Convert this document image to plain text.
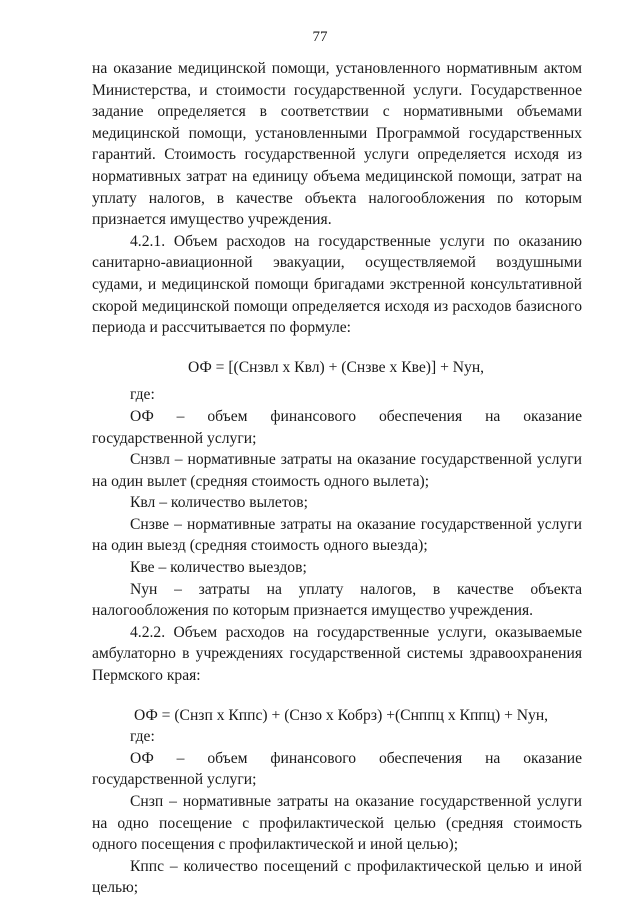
77

на оказание медицинской помощи, установленного нормативным актом Министерства, и стоимости государственной услуги. Государственное задание определяется в соответствии с нормативными объемами медицинской помощи, установленными Программой государственных гарантий. Стоимость государственной услуги определяется исходя из нормативных затрат на единицу объема медицинской помощи, затрат на уплату налогов, в качестве объекта налогообложения по которым признается имущество учреждения.

4.2.1. Объем расходов на государственные услуги по оказанию санитарно-авиационной эвакуации, осуществляемой воздушными судами, и медицинской помощи бригадами экстренной консультативной скорой медицинской помощи определяется исходя из расходов базисного периода и рассчитывается по формуле:

ОФ = [(Снзвл х Квл) + (Снзве х Кве)] + Nун,

где:

ОФ – объем финансового обеспечения на оказание государственной услуги;

Снзвл – нормативные затраты на оказание государственной услуги на один вылет (средняя стоимость одного вылета);

Квл – количество вылетов;

Снзве – нормативные затраты на оказание государственной услуги на один выезд (средняя стоимость одного выезда);

Кве – количество выездов;

Nун – затраты на уплату налогов, в качестве объекта налогообложения по которым признается имущество учреждения.

4.2.2. Объем расходов на государственные услуги, оказываемые амбулаторно в учреждениях государственной системы здравоохранения Пермского края:

ОФ = (Снзп х Кппс) + (Снзо х Кобрз) +(Снппц х Кппц) + Nун,

где:

ОФ – объем финансового обеспечения на оказание государственной услуги;

Снзп – нормативные затраты на оказание государственной услуги на одно посещение с профилактической целью (средняя стоимость одного посещения с профилактической и иной целью);

Кппс – количество посещений с профилактической целью и иной целью;
